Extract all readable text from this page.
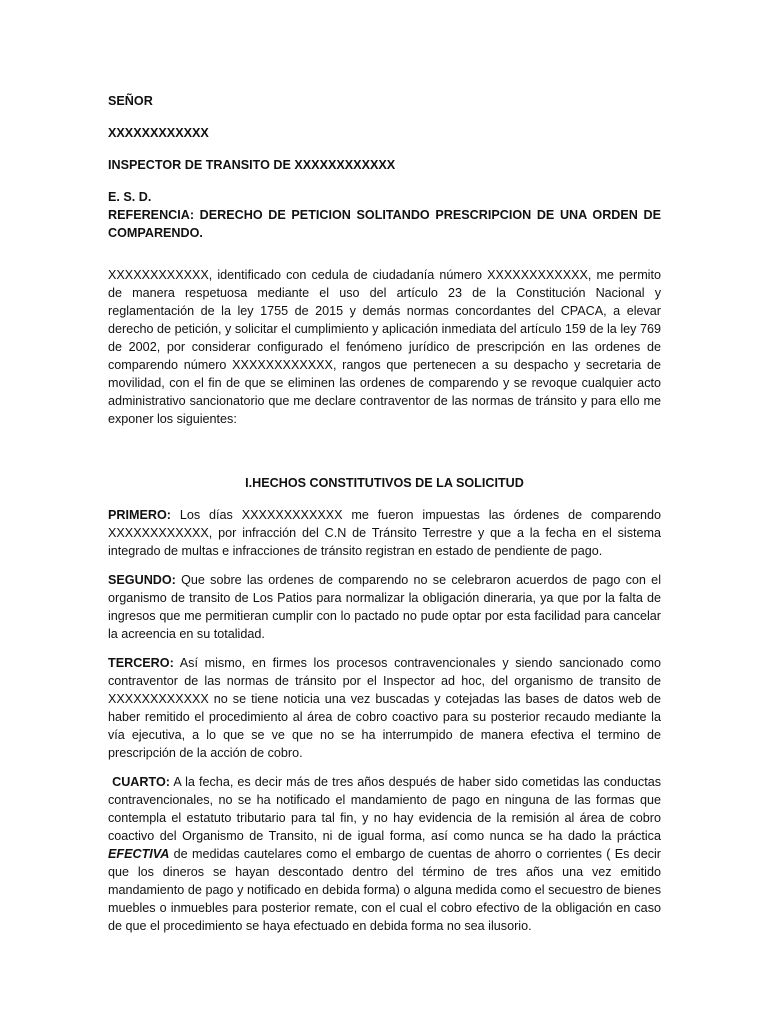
SEÑOR

XXXXXXXXXXXX

INSPECTOR DE TRANSITO DE XXXXXXXXXXXX

E. S. D.

REFERENCIA: DERECHO DE PETICION SOLITANDO PRESCRIPCION DE UNA ORDEN DE COMPARENDO.

XXXXXXXXXXXX, identificado con cedula de ciudadanía número XXXXXXXXXXXX, me permito de manera respetuosa mediante el uso del artículo 23 de la Constitución Nacional y reglamentación de la ley 1755 de 2015 y demás normas concordantes del CPACA, a elevar derecho de petición, y solicitar el cumplimiento y aplicación inmediata del artículo 159 de la ley 769 de 2002, por considerar configurado el fenómeno jurídico de prescripción en las ordenes de comparendo número XXXXXXXXXXXX, rangos que pertenecen a su despacho y secretaria de movilidad, con el fin de que se eliminen las ordenes de comparendo y se revoque cualquier acto administrativo sancionatorio que me declare contraventor de las normas de tránsito y para ello me exponer los siguientes:

I.HECHOS CONSTITUTIVOS DE LA SOLICITUD

PRIMERO: Los días XXXXXXXXXXXX me fueron impuestas las órdenes de comparendo XXXXXXXXXXXX, por infracción del C.N de Tránsito Terrestre y que a la fecha en el sistema integrado de multas e infracciones de tránsito registran en estado de pendiente de pago.

SEGUNDO: Que sobre las ordenes de comparendo no se celebraron acuerdos de pago con el organismo de transito de Los Patios para normalizar la obligación dineraria, ya que por la falta de ingresos que me permitieran cumplir con lo pactado no pude optar por esta facilidad para cancelar la acreencia en su totalidad.

TERCERO: Así mismo, en firmes los procesos contravencionales y siendo sancionado como contraventor de las normas de tránsito por el Inspector ad hoc, del organismo de transito de XXXXXXXXXXXX no se tiene noticia una vez buscadas y cotejadas las bases de datos web de haber remitido el procedimiento al área de cobro coactivo para su posterior recaudo mediante la vía ejecutiva, a lo que se ve que no se ha interrumpido de manera efectiva el termino de prescripción de la acción de cobro.

CUARTO: A la fecha, es decir más de tres años después de haber sido cometidas las conductas contravencionales, no se ha notificado el mandamiento de pago en ninguna de las formas que contempla el estatuto tributario para tal fin, y no hay evidencia de la remisión al área de cobro coactivo del Organismo de Transito, ni de igual forma, así como nunca se ha dado la práctica EFECTIVA de medidas cautelares como el embargo de cuentas de ahorro o corrientes ( Es decir que los dineros se hayan descontado dentro del término de tres años una vez emitido mandamiento de pago y notificado en debida forma) o alguna medida como el secuestro de bienes muebles o inmuebles para posterior remate, con el cual el cobro efectivo de la obligación en caso de que el procedimiento se haya efectuado en debida forma no sea ilusorio.
